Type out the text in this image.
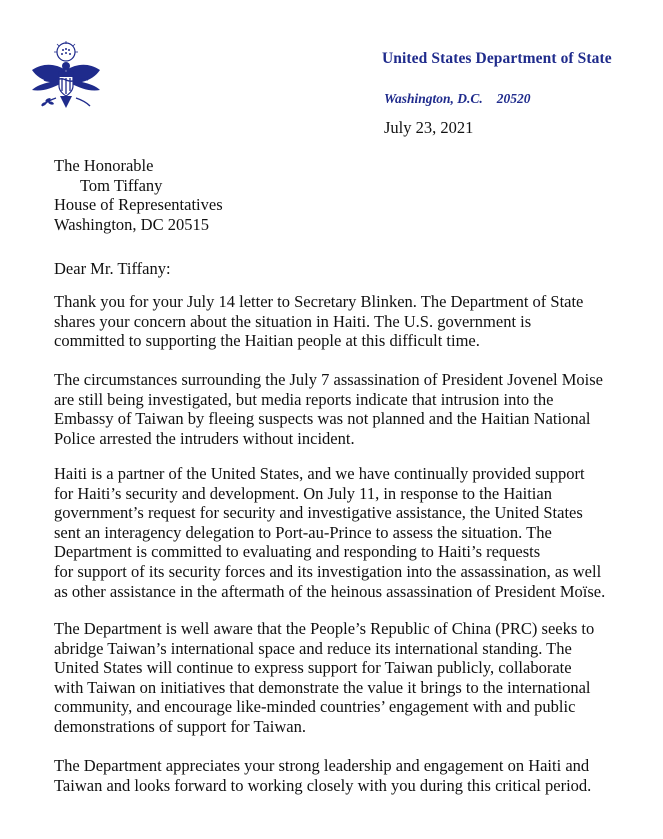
United States Department of State
Washington, D.C. 20520
July 23, 2021
The Honorable
Tom Tiffany
House of Representatives
Washington, DC 20515
Dear Mr. Tiffany:
Thank you for your July 14 letter to Secretary Blinken. The Department of State
shares your concern about the situation in Haiti. The U.S. government is
committed to supporting the Haitian people at this difficult time.
The circumstances surrounding the July 7 assassination of President Jovenel Moise
are still being investigated, but media reports indicate that intrusion into the
Embassy of Taiwan by fleeing suspects was not planned and the Haitian National
Police arrested the intruders without incident.
Haiti is a partner of the United States, and we have continually provided support
for Haiti’s security and development. On July 11, in response to the Haitian
government’s request for security and investigative assistance, the United States
sent an interagency delegation to Port-au-Prince to assess the situation. The
Department is committed to evaluating and responding to Haiti’s requests
for support of its security forces and its investigation into the assassination, as well
as other assistance in the aftermath of the heinous assassination of President Moïse.
The Department is well aware that the People’s Republic of China (PRC) seeks to
abridge Taiwan’s international space and reduce its international standing. The
United States will continue to express support for Taiwan publicly, collaborate
with Taiwan on initiatives that demonstrate the value it brings to the international
community, and encourage like-minded countries’ engagement with and public
demonstrations of support for Taiwan.
The Department appreciates your strong leadership and engagement on Haiti and
Taiwan and looks forward to working closely with you during this critical period.
